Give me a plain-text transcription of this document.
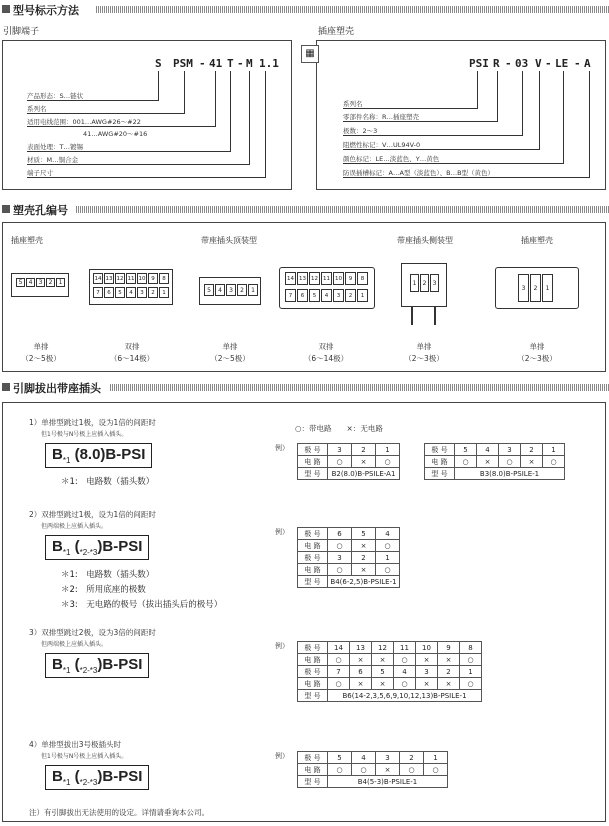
型号标示方法
引脚端子
S PSM - 41 T - M 1.1
产品形态：S…链状
系列名
适用电线范围：001…AWG#26～#22
41…AWG#20～#16
表面处理：T…镀锡
材质：M…铜合金
端子尺寸
插座塑壳
PSI R - 03 V - LE - A
系列名
零部件名称：R…插座塑壳
极数：2～3
阻燃性标记：V…UL94V-0
颜色标记：LE…淡蓝色、Y…黄色
防误插槽标记：A…A型（淡蓝色）、B…B型（黄色）
▦
塑壳孔编号
插座塑壳	带座插头顶装型	带座插头侧装型	插座塑壳
5	4	3	2	1
单排
（2～5极）
14 13 12 11 10	9	8
7	6	5	4	3	2	1
双排
（6～14极）
5	4	3	2	1
单排
（2～5极）
14 13 12 11 10	9	8
7	6	5	4	3	2	1
双排
（6～14极）
1	2	3
单排
（2～3极）
3	2	1
单排
（2～3极）
引脚拔出带座插头
○：带电路　　×：无电路
1）单排型跳过1极，设为1倍的间距时
但1号极与N号极上应插入插头。
$B_{*1}$ (8.0)B-PSI
＊1:　电路数（插头数）
例） 极 号	3	2	1
电 路	○	×	○
型 号	B2(8.0)B-PSILE-A1		
极 号	5	4	3	2	1
电 路	○	×	○	×	○
型 号	B3(8.0)B-PSILE-1				
2）双排型跳过1极，设为1倍的间距时
但两端极上应插入插头。
$B_{*1}$ $(_{*2-*3})B$-PSI
＊1:　电路数（插头数）
＊2:　所用底座的极数
＊3:　无电路的极号（拔出插头后的极号）
例） 极 号	6	5	4
电 路	○	×	○
极 号	3	2	1
电 路	○	×	○
型 号	B4(6-2,5)B-PSILE-1		
3）双排型跳过2极，设为3倍的间距时
但两端极上应插入插头。
$B_{*1}$ $(_{*2-*3})B$-PSI
例） 极 号	14	13	12	11	10	9	8
电 路	○	×	×	○	×	×	○
极 号	7	6	5	4	3	2	1
电 路	○	×	×	○	×	×	○
型 号	B6(14-2,3,5,6,9,10,12,13)B-PSILE-1						
4）单排型拔出3号极插头时
但1号极与N号极上应插入插头。
$B_{*1}$ $(_{*2-*3})B$-PSI
例） 极 号	5	4	3	2	1
电 路	○	○	×	○	○
型 号	B4(5-3)B-PSILE-1				
注）有引脚拔出无法使用的设定。详情请垂询本公司。
